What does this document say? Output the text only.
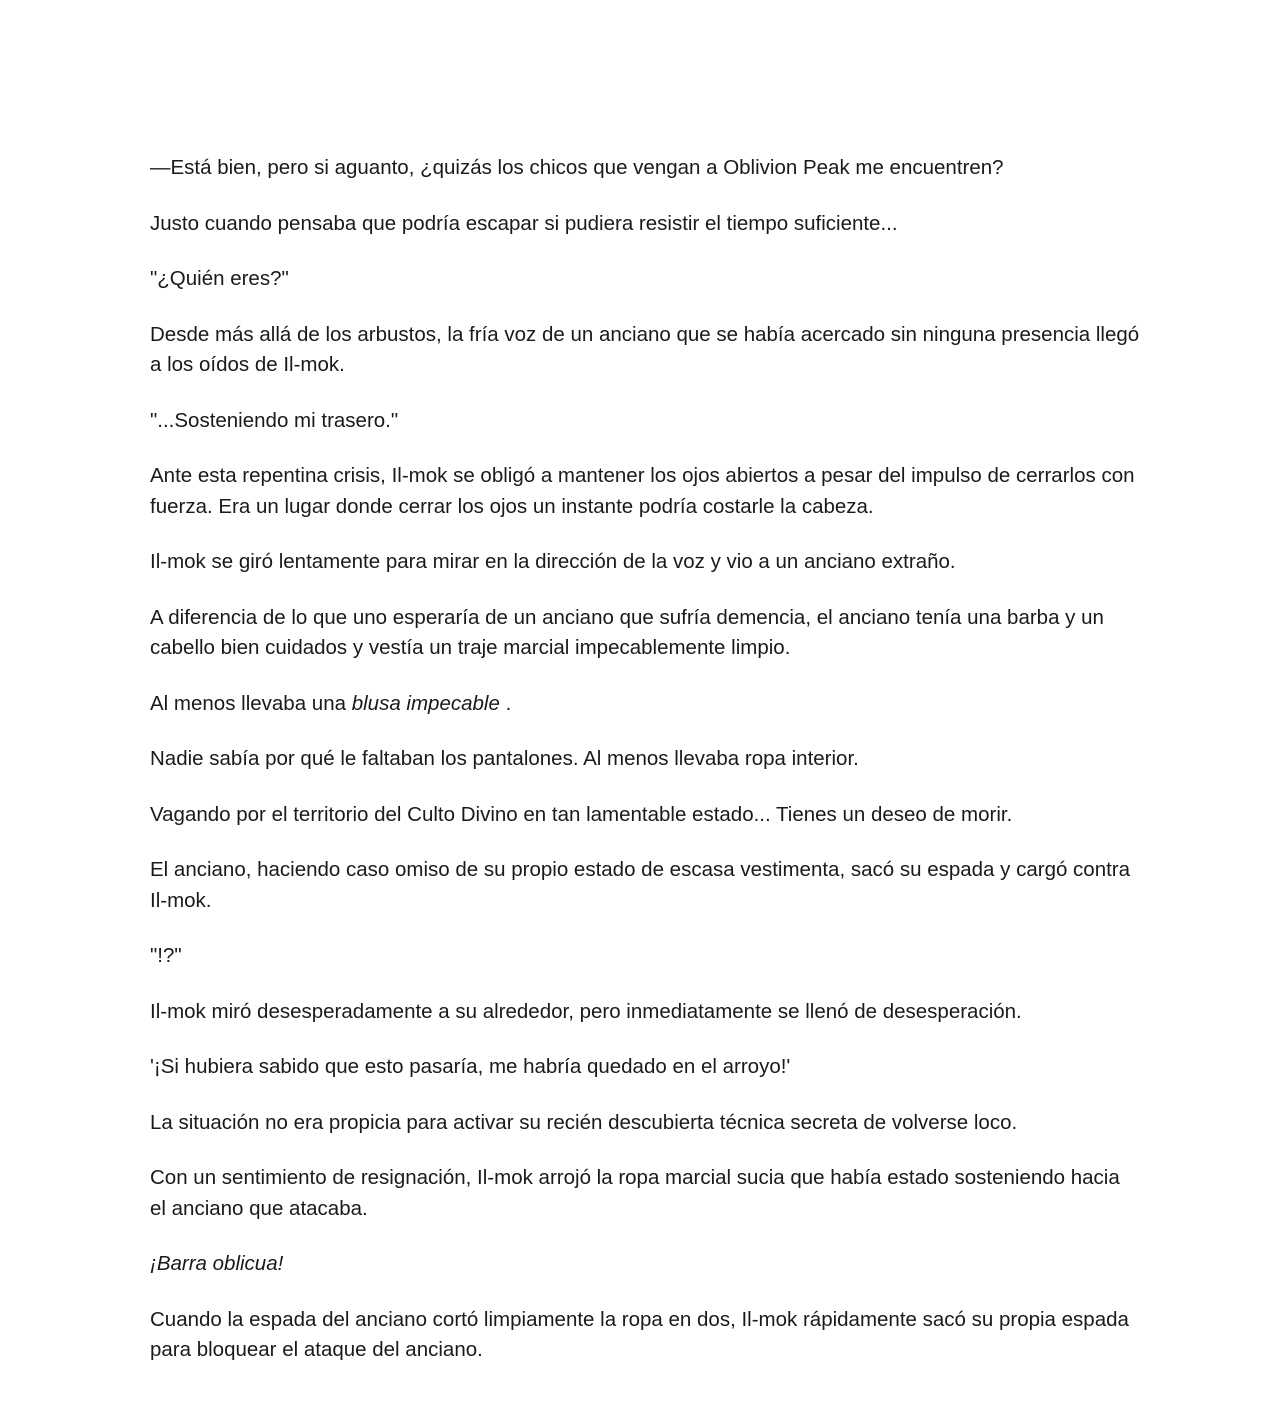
—Está bien, pero si aguanto, ¿quizás los chicos que vengan a Oblivion Peak me encuentren?

Justo cuando pensaba que podría escapar si pudiera resistir el tiempo suficiente...

"¿Quién eres?"

Desde más allá de los arbustos, la fría voz de un anciano que se había acercado sin ninguna presencia llegó a los oídos de Il-mok.

"...Sosteniendo mi trasero."

Ante esta repentina crisis, Il-mok se obligó a mantener los ojos abiertos a pesar del impulso de cerrarlos con fuerza. Era un lugar donde cerrar los ojos un instante podría costarle la cabeza.

Il-mok se giró lentamente para mirar en la dirección de la voz y vio a un anciano extraño.

A diferencia de lo que uno esperaría de un anciano que sufría demencia, el anciano tenía una barba y un cabello bien cuidados y vestía un traje marcial impecablemente limpio.

Al menos llevaba una blusa impecable .

Nadie sabía por qué le faltaban los pantalones. Al menos llevaba ropa interior.

Vagando por el territorio del Culto Divino en tan lamentable estado... Tienes un deseo de morir.

El anciano, haciendo caso omiso de su propio estado de escasa vestimenta, sacó su espada y cargó contra Il-mok.

"!?"

Il-mok miró desesperadamente a su alrededor, pero inmediatamente se llenó de desesperación.

'¡Si hubiera sabido que esto pasaría, me habría quedado en el arroyo!'

La situación no era propicia para activar su recién descubierta técnica secreta de volverse loco.

Con un sentimiento de resignación, Il-mok arrojó la ropa marcial sucia que había estado sosteniendo hacia el anciano que atacaba.

¡Barra oblicua!

Cuando la espada del anciano cortó limpiamente la ropa en dos, Il-mok rápidamente sacó su propia espada para bloquear el ataque del anciano.
